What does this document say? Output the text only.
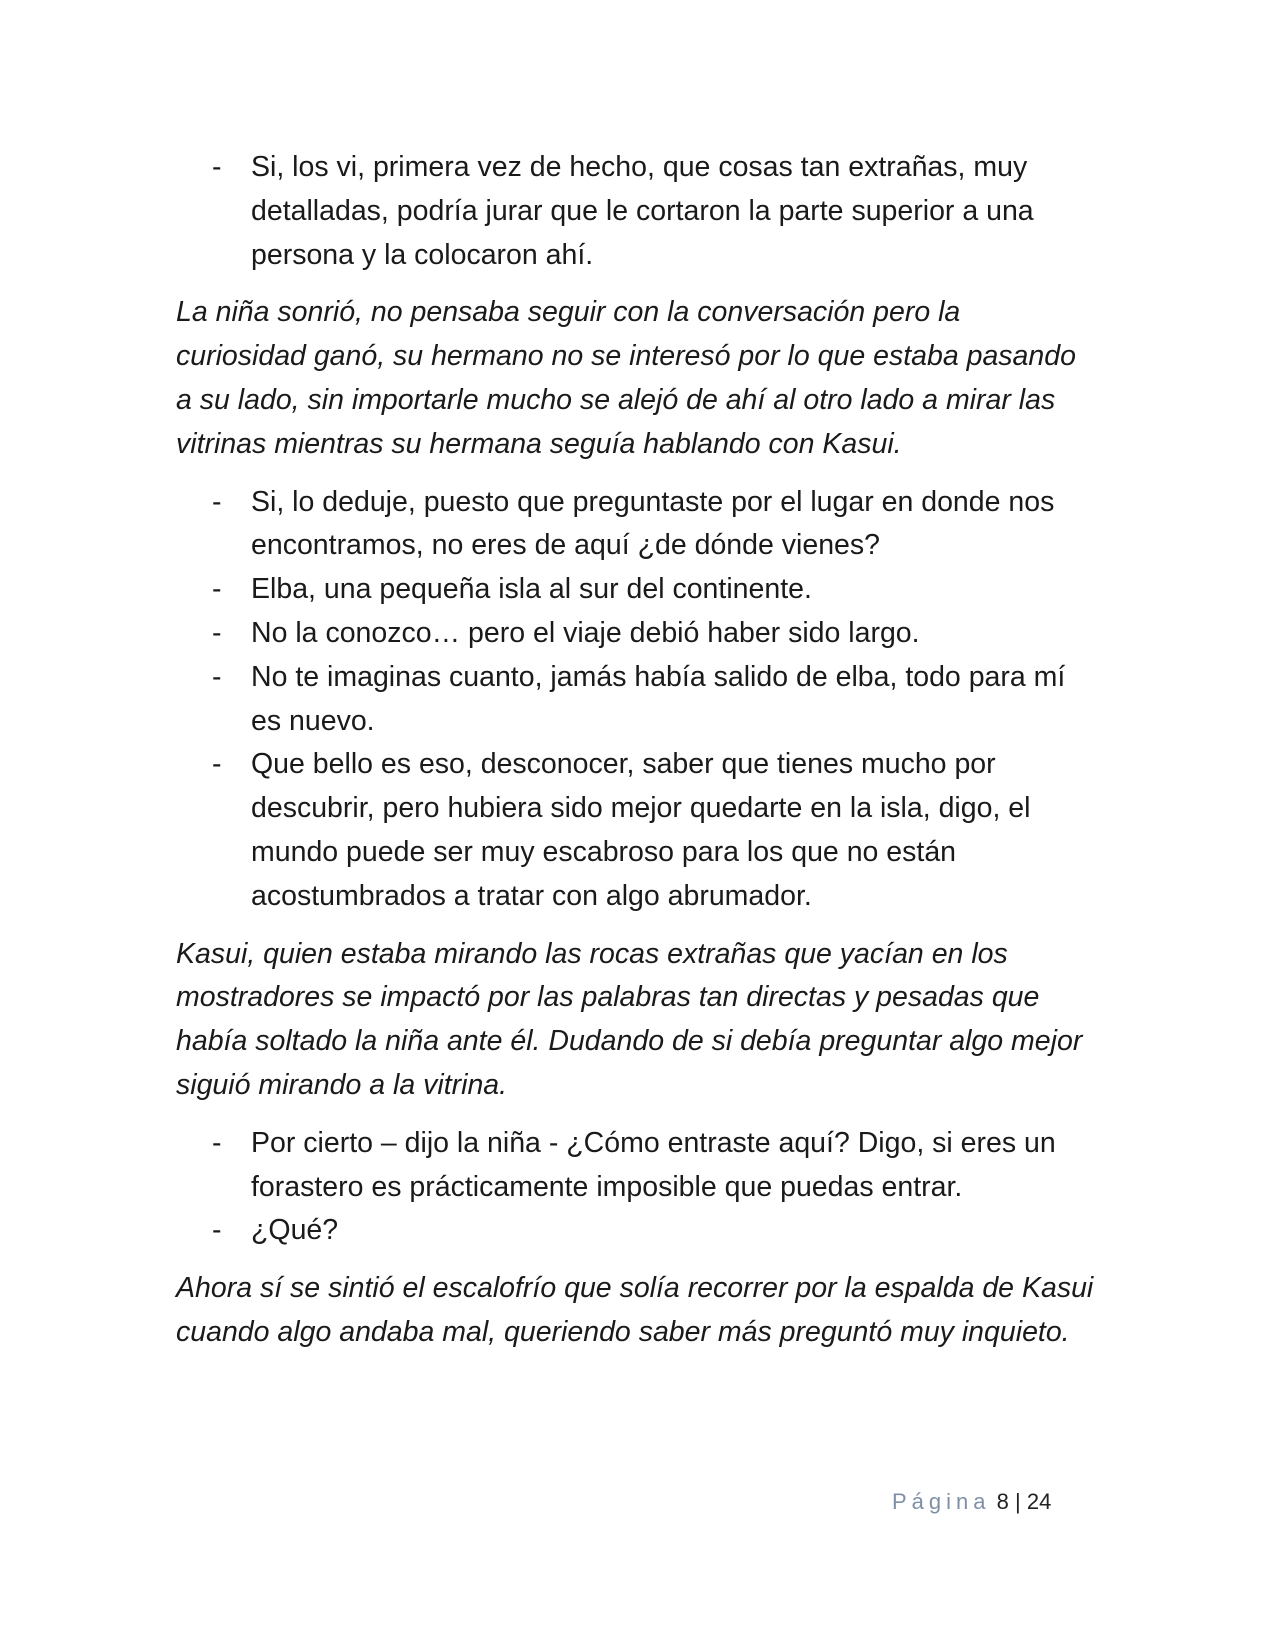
- Si, los vi, primera vez de hecho, que cosas tan extrañas, muy detalladas, podría jurar que le cortaron la parte superior a una persona y la colocaron ahí.

La niña sonrió, no pensaba seguir con la conversación pero la curiosidad ganó, su hermano no se interesó por lo que estaba pasando a su lado, sin importarle mucho se alejó de ahí al otro lado a mirar las vitrinas mientras su hermana seguía hablando con Kasui.

- Si, lo deduje, puesto que preguntaste por el lugar en donde nos encontramos, no eres de aquí ¿de dónde vienes?
- Elba, una pequeña isla al sur del continente.
- No la conozco… pero el viaje debió haber sido largo.
- No te imaginas cuanto, jamás había salido de elba, todo para mí es nuevo.
- Que bello es eso, desconocer, saber que tienes mucho por descubrir, pero hubiera sido mejor quedarte en la isla, digo, el mundo puede ser muy escabroso para los que no están acostumbrados a tratar con algo abrumador.

Kasui, quien estaba mirando las rocas extrañas que yacían en los mostradores se impactó por las palabras tan directas y pesadas que había soltado la niña ante él. Dudando de si debía preguntar algo mejor siguió mirando a la vitrina.

- Por cierto – dijo la niña - ¿Cómo entraste aquí? Digo, si eres un forastero es prácticamente imposible que puedas entrar.
- ¿Qué?

Ahora sí se sintió el escalofrío que solía recorrer por la espalda de Kasui cuando algo andaba mal, queriendo saber más preguntó muy inquieto.

Página 8 | 24
